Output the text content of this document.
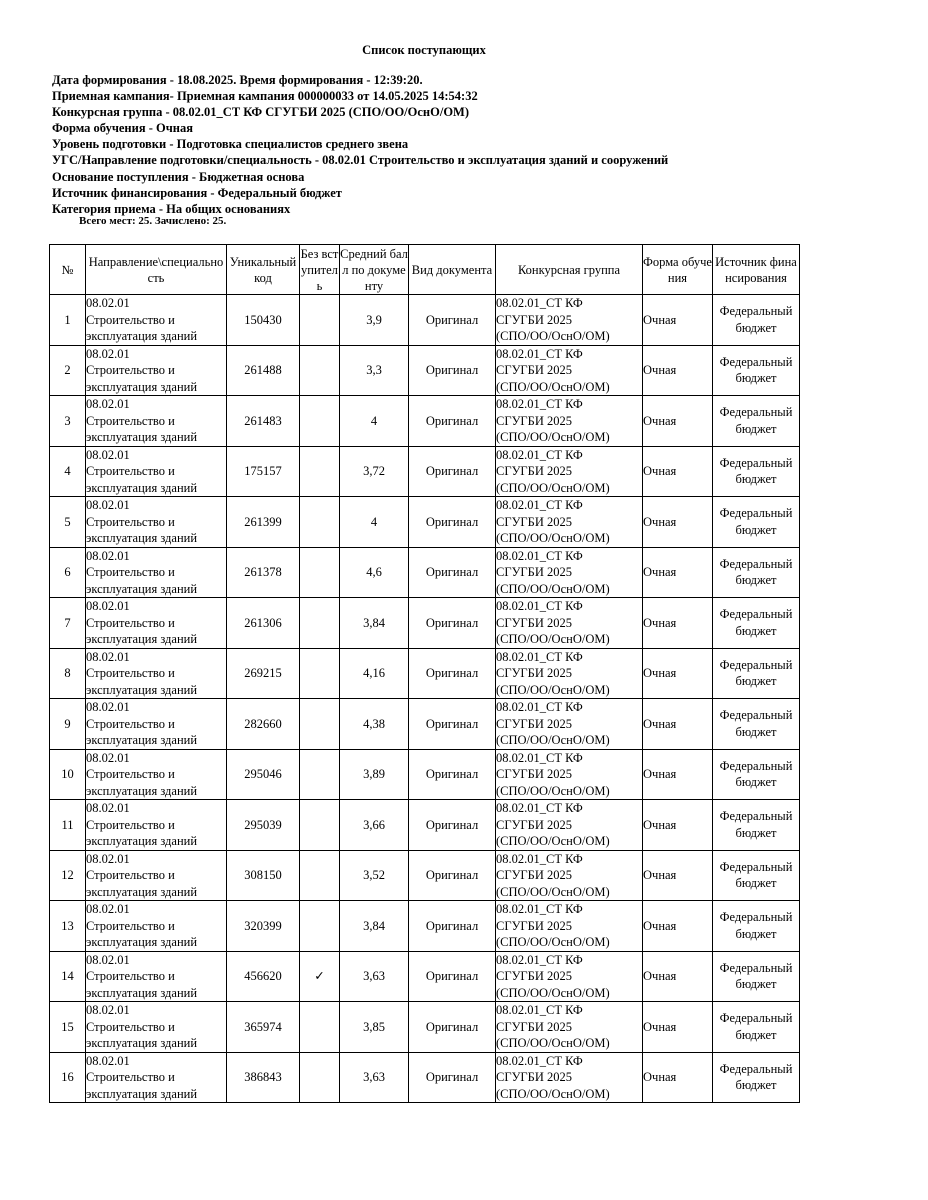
Список поступающих
Дата формирования - 18.08.2025. Время формирования - 12:39:20.
Приемная кампания- Приемная кампания 000000033 от 14.05.2025 14:54:32
Конкурсная группа - 08.02.01_СТ КФ СГУГБИ 2025 (СПО/ОО/ОснО/ОМ)
Форма обучения - Очная
Уровень подготовки - Подготовка специалистов среднего звена
УГС/Направление подготовки/специальность - 08.02.01 Строительство и эксплуатация зданий и сооружений
Основание поступления - Бюджетная основа
Источник финансирования - Федеральный бюджет
Категория приема - На общих основаниях
Всего мест: 25. Зачислено: 25.
№	Направление\специальность	Уникальный код	Без вступитель	Средний балл по документу	Вид документа	Конкурсная группа	Форма обучения	Источник финансирования
1	08.02.01
Строительство и
эксплуатация зданий	150430		3,9	Оригинал	08.02.01_СТ КФ
СГУГБИ 2025
(СПО/ОО/ОснО/ОМ)	Очная	Федеральный бюджет
2	08.02.01
Строительство и
эксплуатация зданий	261488		3,3	Оригинал	08.02.01_СТ КФ
СГУГБИ 2025
(СПО/ОО/ОснО/ОМ)	Очная	Федеральный бюджет
3	08.02.01
Строительство и
эксплуатация зданий	261483		4	Оригинал	08.02.01_СТ КФ
СГУГБИ 2025
(СПО/ОО/ОснО/ОМ)	Очная	Федеральный бюджет
4	08.02.01
Строительство и
эксплуатация зданий	175157		3,72	Оригинал	08.02.01_СТ КФ
СГУГБИ 2025
(СПО/ОО/ОснО/ОМ)	Очная	Федеральный бюджет
5	08.02.01
Строительство и
эксплуатация зданий	261399		4	Оригинал	08.02.01_СТ КФ
СГУГБИ 2025
(СПО/ОО/ОснО/ОМ)	Очная	Федеральный бюджет
6	08.02.01
Строительство и
эксплуатация зданий	261378		4,6	Оригинал	08.02.01_СТ КФ
СГУГБИ 2025
(СПО/ОО/ОснО/ОМ)	Очная	Федеральный бюджет
7	08.02.01
Строительство и
эксплуатация зданий	261306		3,84	Оригинал	08.02.01_СТ КФ
СГУГБИ 2025
(СПО/ОО/ОснО/ОМ)	Очная	Федеральный бюджет
8	08.02.01
Строительство и
эксплуатация зданий	269215		4,16	Оригинал	08.02.01_СТ КФ
СГУГБИ 2025
(СПО/ОО/ОснО/ОМ)	Очная	Федеральный бюджет
9	08.02.01
Строительство и
эксплуатация зданий	282660		4,38	Оригинал	08.02.01_СТ КФ
СГУГБИ 2025
(СПО/ОО/ОснО/ОМ)	Очная	Федеральный бюджет
10	08.02.01
Строительство и
эксплуатация зданий	295046		3,89	Оригинал	08.02.01_СТ КФ
СГУГБИ 2025
(СПО/ОО/ОснО/ОМ)	Очная	Федеральный бюджет
11	08.02.01
Строительство и
эксплуатация зданий	295039		3,66	Оригинал	08.02.01_СТ КФ
СГУГБИ 2025
(СПО/ОО/ОснО/ОМ)	Очная	Федеральный бюджет
12	08.02.01
Строительство и
эксплуатация зданий	308150		3,52	Оригинал	08.02.01_СТ КФ
СГУГБИ 2025
(СПО/ОО/ОснО/ОМ)	Очная	Федеральный бюджет
13	08.02.01
Строительство и
эксплуатация зданий	320399		3,84	Оригинал	08.02.01_СТ КФ
СГУГБИ 2025
(СПО/ОО/ОснО/ОМ)	Очная	Федеральный бюджет
14	08.02.01
Строительство и
эксплуатация зданий	456620	✓	3,63	Оригинал	08.02.01_СТ КФ
СГУГБИ 2025
(СПО/ОО/ОснО/ОМ)	Очная	Федеральный бюджет
15	08.02.01
Строительство и
эксплуатация зданий	365974		3,85	Оригинал	08.02.01_СТ КФ
СГУГБИ 2025
(СПО/ОО/ОснО/ОМ)	Очная	Федеральный бюджет
16	08.02.01
Строительство и
эксплуатация зданий	386843		3,63	Оригинал	08.02.01_СТ КФ
СГУГБИ 2025
(СПО/ОО/ОснО/ОМ)	Очная	Федеральный бюджет
